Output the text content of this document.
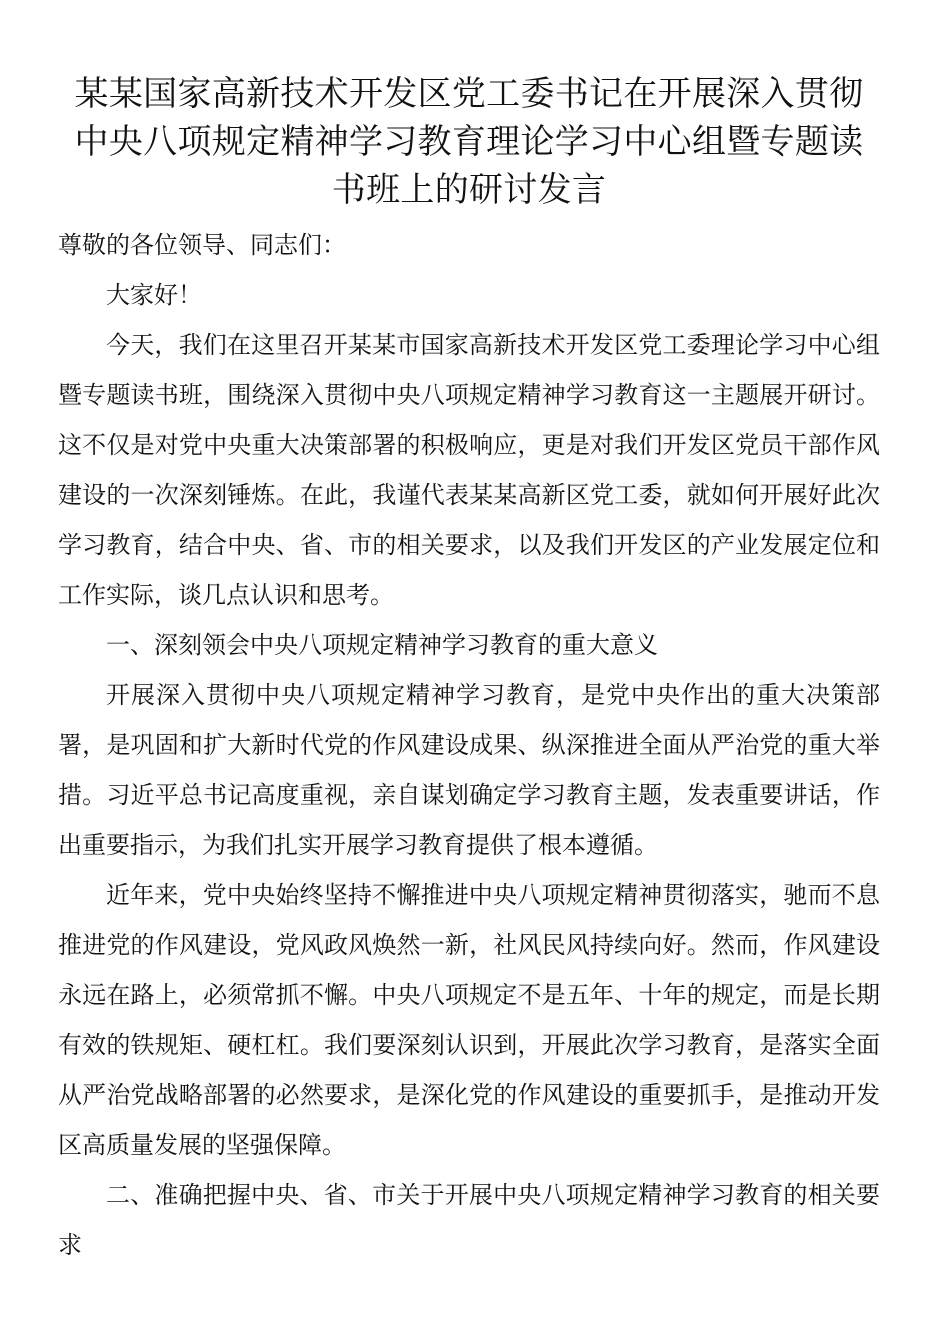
某某国家高新技术开发区党工委书记在开展深入贯彻中央八项规定精神学习教育理论学习中心组暨专题读书班上的研讨发言

尊敬的各位领导、同志们：

大家好！

今天，我们在这里召开某某市国家高新技术开发区党工委理论学习中心组暨专题读书班，围绕深入贯彻中央八项规定精神学习教育这一主题展开研讨。这不仅是对党中央重大决策部署的积极响应，更是对我们开发区党员干部作风建设的一次深刻锤炼。在此，我谨代表某某高新区党工委，就如何开展好此次学习教育，结合中央、省、市的相关要求，以及我们开发区的产业发展定位和工作实际，谈几点认识和思考。

一、深刻领会中央八项规定精神学习教育的重大意义

开展深入贯彻中央八项规定精神学习教育，是党中央作出的重大决策部署，是巩固和扩大新时代党的作风建设成果、纵深推进全面从严治党的重大举措。习近平总书记高度重视，亲自谋划确定学习教育主题，发表重要讲话，作出重要指示，为我们扎实开展学习教育提供了根本遵循。

近年来，党中央始终坚持不懈推进中央八项规定精神贯彻落实，驰而不息推进党的作风建设，党风政风焕然一新，社风民风持续向好。然而，作风建设永远在路上，必须常抓不懈。中央八项规定不是五年、十年的规定，而是长期有效的铁规矩、硬杠杠。我们要深刻认识到，开展此次学习教育，是落实全面从严治党战略部署的必然要求，是深化党的作风建设的重要抓手，是推动开发区高质量发展的坚强保障。

二、准确把握中央、省、市关于开展中央八项规定精神学习教育的相关要求
